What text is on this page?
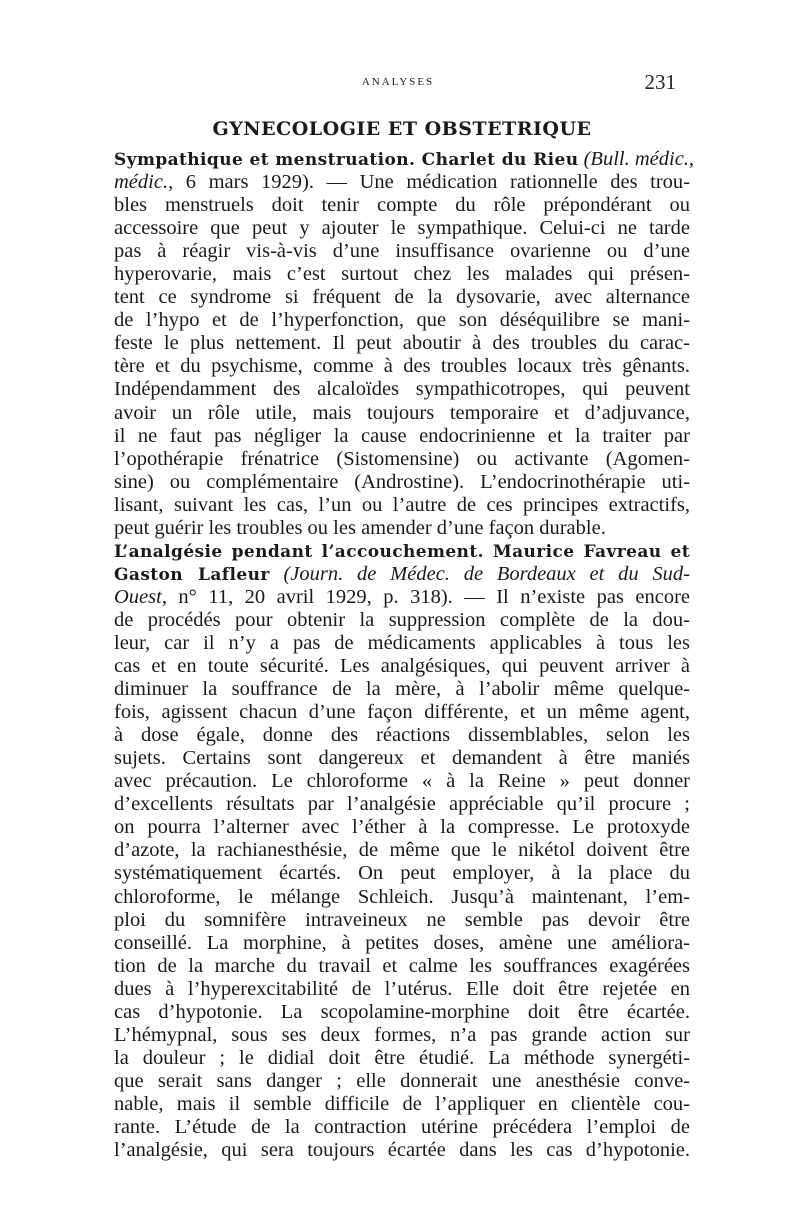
ANALYSES	231
GYNECOLOGIE ET OBSTETRIQUE
Sympathique et menstruation. Charlet du Rieu (Bull. médic.,
médic., 6 mars 1929). — Une médication rationnelle des trou-
bles menstruels doit tenir compte du rôle prépondérant ou
accessoire que peut y ajouter le sympathique. Celui-ci ne tarde
pas à réagir vis-à-vis d’une insuffisance ovarienne ou d’une
hyperovarie, mais c’est surtout chez les malades qui présen-
tent ce syndrome si fréquent de la dysovarie, avec alternance
de l’hypo et de l’hyperfonction, que son déséquilibre se mani-
feste le plus nettement. Il peut aboutir à des troubles du carac-
tère et du psychisme, comme à des troubles locaux très gênants.
Indépendamment des alcaloïdes sympathicotropes, qui peuvent
avoir un rôle utile, mais toujours temporaire et d’adjuvance,
il ne faut pas négliger la cause endocrinienne et la traiter par
l’opothérapie frénatrice (Sistomensine) ou activante (Agomen-
sine) ou complémentaire (Androstine). L’endocrinothérapie uti-
lisant, suivant les cas, l’un ou l’autre de ces principes extractifs,
peut guérir les troubles ou les amender d’une façon durable.
L’analgésie pendant l’accouchement. Maurice Favreau et
Gaston Lafleur (Journ. de Médec. de Bordeaux et du Sud-
Ouest, n° 11, 20 avril 1929, p. 318). — Il n’existe pas encore
de procédés pour obtenir la suppression complète de la dou-
leur, car il n’y a pas de médicaments applicables à tous les
cas et en toute sécurité. Les analgésiques, qui peuvent arriver à
diminuer la souffrance de la mère, à l’abolir même quelque-
fois, agissent chacun d’une façon différente, et un même agent,
à dose égale, donne des réactions dissemblables, selon les
sujets. Certains sont dangereux et demandent à être maniés
avec précaution. Le chloroforme « à la Reine » peut donner
d’excellents résultats par l’analgésie appréciable qu’il procure ;
on pourra l’alterner avec l’éther à la compresse. Le protoxyde
d’azote, la rachianesthésie, de même que le nikétol doivent être
systématiquement écartés. On peut employer, à la place du
chloroforme, le mélange Schleich. Jusqu’à maintenant, l’em-
ploi du somnifère intraveineux ne semble pas devoir être
conseillé. La morphine, à petites doses, amène une améliora-
tion de la marche du travail et calme les souffrances exagérées
dues à l’hyperexcitabilité de l’utérus. Elle doit être rejetée en
cas d’hypotonie. La scopolamine-morphine doit être écartée.
L’hémypnal, sous ses deux formes, n’a pas grande action sur
la douleur ; le didial doit être étudié. La méthode synergéti-
que serait sans danger ; elle donnerait une anesthésie conve-
nable, mais il semble difficile de l’appliquer en clientèle cou-
rante. L’étude de la contraction utérine précédera l’emploi de
l’analgésie, qui sera toujours écartée dans les cas d’hypotonie.
